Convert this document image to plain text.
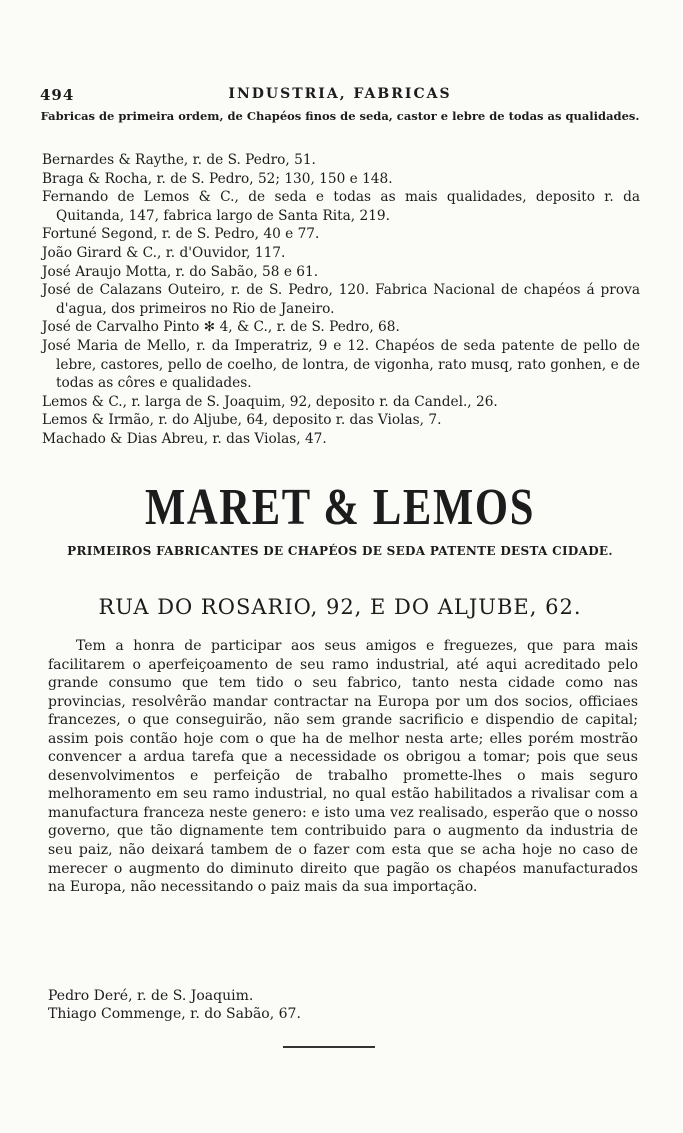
494	INDUSTRIA, FABRICAS
Fabricas de primeira ordem, de Chapéos finos de seda, castor e lebre de todas as qualidades.
Bernardes & Raythe, r. de S. Pedro, 51.
Braga & Rocha, r. de S. Pedro, 52; 130, 150 e 148.
Fernando de Lemos & C., de seda e todas as mais qualidades, deposito r. da Quitanda, 147, fabrica largo de Santa Rita, 219.
Fortuné Segond, r. de S. Pedro, 40 e 77.
João Girard & C., r. d'Ouvidor, 117.
José Araujo Motta, r. do Sabão, 58 e 61.
José de Calazans Outeiro, r. de S. Pedro, 120. Fabrica Nacional de chapéos á prova d'agua, dos primeiros no Rio de Janeiro.
José de Carvalho Pinto ✻ 4, & C., r. de S. Pedro, 68.
José Maria de Mello, r. da Imperatriz, 9 e 12. Chapéos de seda patente de pello de lebre, castores, pello de coelho, de lontra, de vigonha, rato musq, rato gonhen, e de todas as côres e qualidades.
Lemos & C., r. larga de S. Joaquim, 92, deposito r. da Candel., 26.
Lemos & Irmão, r. do Aljube, 64, deposito r. das Violas, 7.
Machado & Dias Abreu, r. das Violas, 47.
MARET & LEMOS
PRIMEIROS FABRICANTES DE CHAPÉOS DE SEDA PATENTE DESTA CIDADE.
RUA DO ROSARIO, 92, E DO ALJUBE, 62.
Tem a honra de participar aos seus amigos e freguezes, que para mais facilitarem o aperfeiçoamento de seu ramo industrial, até aqui acreditado pelo grande consumo que tem tido o seu fabrico, tanto nesta cidade como nas provincias, resolvêrão mandar contractar na Europa por um dos socios, officiaes francezes, o que conseguirão, não sem grande sacrificio e dispendio de capital; assim pois contão hoje com o que ha de melhor nesta arte; elles porém mostrão convencer a ardua tarefa que a necessidade os obrigou a tomar; pois que seus desenvolvimentos e perfeição de trabalho promette-lhes o mais seguro melhoramento em seu ramo industrial, no qual estão habilitados a rivalisar com a manufactura franceza neste genero: e isto uma vez realisado, esperão que o nosso governo, que tão dignamente tem contribuido para o augmento da industria de seu paiz, não deixará tambem de o fazer com esta que se acha hoje no caso de merecer o augmento do diminuto direito que pagão os chapéos manufacturados na Europa, não necessitando o paiz mais da sua importação.
Pedro Deré, r. de S. Joaquim.
Thiago Commenge, r. do Sabão, 67.
